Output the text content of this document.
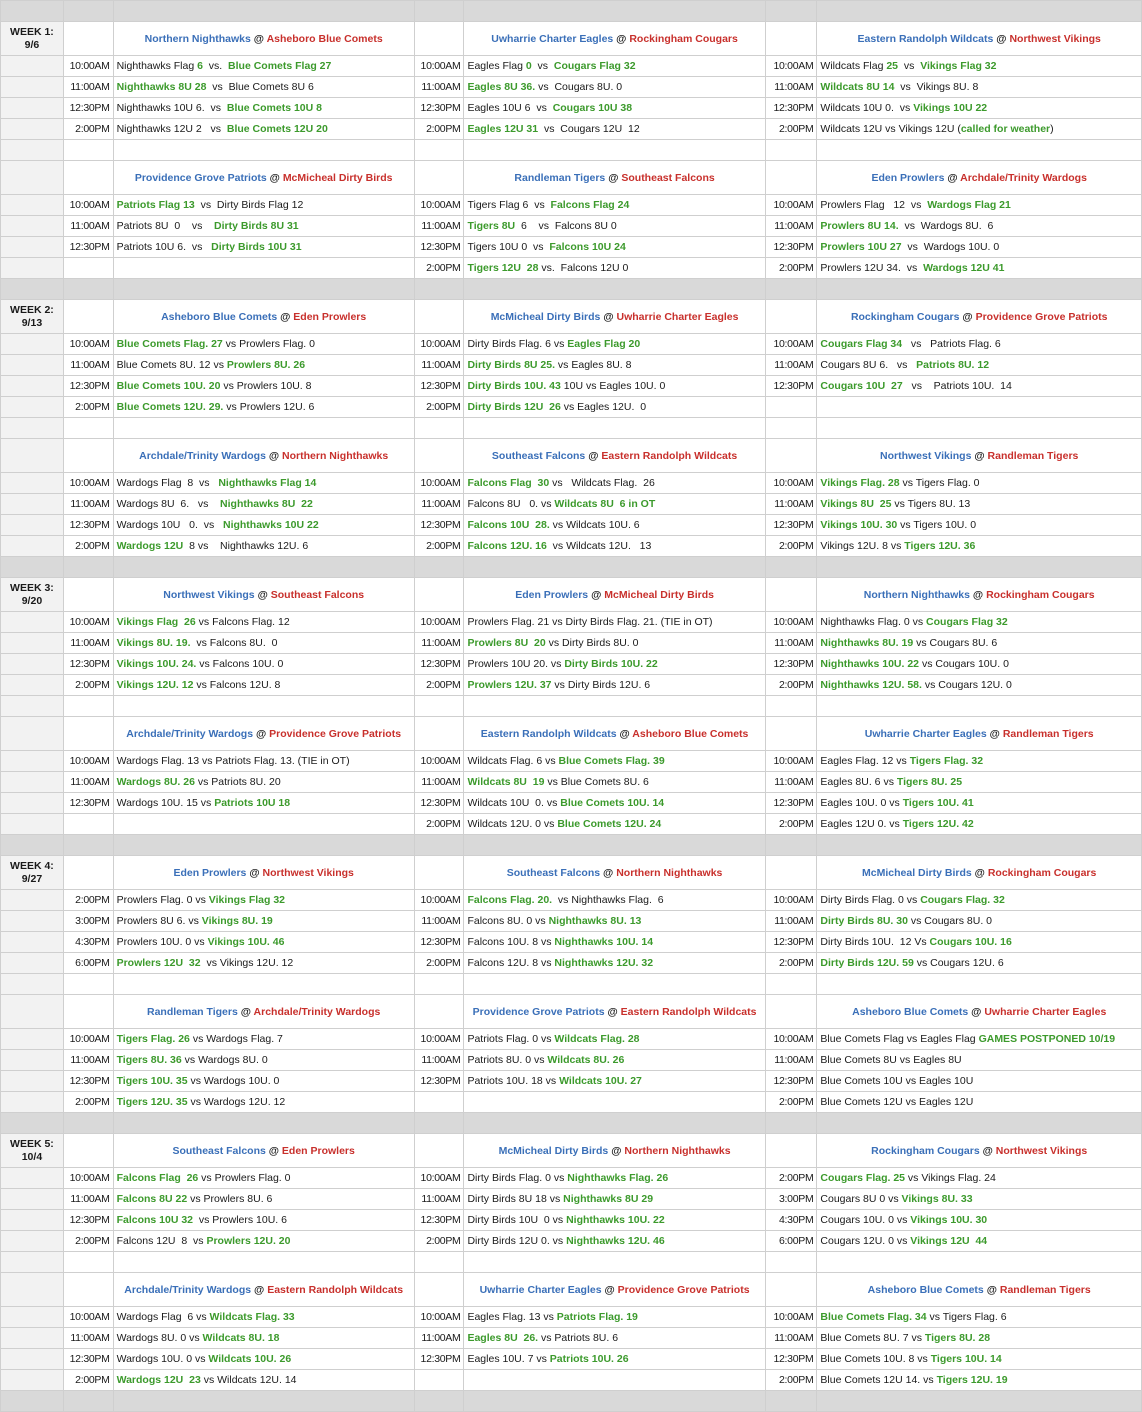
WEEK 1:
9/6		Northern Nighthawks @ Asheboro Blue Comets		Uwharrie Charter Eagles @ Rockingham Cougars		Eastern Randolph Wildcats @ Northwest Vikings
	10:00AM	Nighthawks Flag 6  vs.  Blue Comets Flag 27	10:00AM	Eagles Flag 0  vs  Cougars Flag 32	10:00AM	Wildcats Flag 25  vs  Vikings Flag 32
	11:00AM	Nighthawks 8U 28  vs  Blue Comets 8U 6	11:00AM	Eagles 8U 36. vs  Cougars 8U. 0	11:00AM	Wildcats 8U 14  vs  Vikings 8U. 8
	12:30PM	Nighthawks 10U 6.  vs  Blue Comets 10U 8	12:30PM	Eagles 10U 6  vs  Cougars 10U 38	12:30PM	Wildcats 10U 0.  vs Vikings 10U 22
	2:00PM	Nighthawks 12U 2   vs  Blue Comets 12U 20	2:00PM	Eagles 12U 31  vs  Cougars 12U  12	2:00PM	Wildcats 12U vs Vikings 12U (called for weather)

		Providence Grove Patriots @ McMicheal Dirty Birds		Randleman Tigers @ Southeast Falcons		Eden Prowlers @ Archdale/Trinity Wardogs
	10:00AM	Patriots Flag 13  vs  Dirty Birds Flag 12	10:00AM	Tigers Flag 6  vs  Falcons Flag 24	10:00AM	Prowlers Flag   12  vs  Wardogs Flag 21
	11:00AM	Patriots 8U  0    vs    Dirty Birds 8U 31	11:00AM	Tigers 8U  6    vs  Falcons 8U 0	11:00AM	Prowlers 8U 14.  vs  Wardogs 8U.  6
	12:30PM	Patriots 10U 6.  vs   Dirty Birds 10U 31	12:30PM	Tigers 10U 0  vs  Falcons 10U 24	12:30PM	Prowlers 10U 27  vs  Wardogs 10U. 0
			2:00PM	Tigers 12U  28 vs.  Falcons 12U 0	2:00PM	Prowlers 12U 34.  vs  Wardogs 12U 41

WEEK 2:
9/13		Asheboro Blue Comets @ Eden Prowlers		McMicheal Dirty Birds @ Uwharrie Charter Eagles		Rockingham Cougars @ Providence Grove Patriots
	10:00AM	Blue Comets Flag. 27 vs Prowlers Flag. 0	10:00AM	Dirty Birds Flag. 6 vs Eagles Flag 20	10:00AM	Cougars Flag 34   vs   Patriots Flag. 6
	11:00AM	Blue Comets 8U. 12 vs Prowlers 8U. 26	11:00AM	Dirty Birds 8U 25. vs Eagles 8U. 8	11:00AM	Cougars 8U 6.   vs   Patriots 8U. 12
	12:30PM	Blue Comets 10U. 20 vs Prowlers 10U. 8	12:30PM	Dirty Birds 10U. 43 10U vs Eagles 10U. 0	12:30PM	Cougars 10U  27   vs    Patriots 10U.  14
	2:00PM	Blue Comets 12U. 29. vs Prowlers 12U. 6	2:00PM	Dirty Birds 12U  26 vs Eagles 12U.  0		

		Archdale/Trinity Wardogs @ Northern Nighthawks		Southeast Falcons @ Eastern Randolph Wildcats		Northwest Vikings @ Randleman Tigers
	10:00AM	Wardogs Flag  8  vs   Nighthawks Flag 14	10:00AM	Falcons Flag  30 vs   Wildcats Flag.  26	10:00AM	Vikings Flag. 28 vs Tigers Flag. 0
	11:00AM	Wardogs 8U  6.   vs    Nighthawks 8U  22	11:00AM	Falcons 8U   0. vs Wildcats 8U  6 in OT	11:00AM	Vikings 8U  25 vs Tigers 8U. 13
	12:30PM	Wardogs 10U   0.  vs   Nighthawks 10U 22	12:30PM	Falcons 10U  28. vs Wildcats 10U. 6	12:30PM	Vikings 10U. 30 vs Tigers 10U. 0
	2:00PM	Wardogs 12U  8 vs    Nighthawks 12U. 6	2:00PM	Falcons 12U. 16  vs Wildcats 12U.   13	2:00PM	Vikings 12U. 8 vs Tigers 12U. 36

WEEK 3:
9/20		Northwest Vikings @ Southeast Falcons		Eden Prowlers @ McMicheal Dirty Birds		Northern Nighthawks @ Rockingham Cougars
	10:00AM	Vikings Flag  26 vs Falcons Flag. 12	10:00AM	Prowlers Flag. 21 vs Dirty Birds Flag. 21. (TIE in OT)	10:00AM	Nighthawks Flag. 0 vs Cougars Flag 32
	11:00AM	Vikings 8U. 19.  vs Falcons 8U.  0	11:00AM	Prowlers 8U  20 vs Dirty Birds 8U. 0	11:00AM	Nighthawks 8U. 19 vs Cougars 8U. 6
	12:30PM	Vikings 10U. 24. vs Falcons 10U. 0	12:30PM	Prowlers 10U 20. vs Dirty Birds 10U. 22	12:30PM	Nighthawks 10U. 22 vs Cougars 10U. 0
	2:00PM	Vikings 12U. 12 vs Falcons 12U. 8	2:00PM	Prowlers 12U. 37 vs Dirty Birds 12U. 6	2:00PM	Nighthawks 12U. 58. vs Cougars 12U. 0

		Archdale/Trinity Wardogs @ Providence Grove Patriots		Eastern Randolph Wildcats @ Asheboro Blue Comets		Uwharrie Charter Eagles @ Randleman Tigers
	10:00AM	Wardogs Flag. 13 vs Patriots Flag. 13. (TIE in OT)	10:00AM	Wildcats Flag. 6 vs Blue Comets Flag. 39	10:00AM	Eagles Flag. 12 vs Tigers Flag. 32
	11:00AM	Wardogs 8U. 26 vs Patriots 8U. 20	11:00AM	Wildcats 8U  19 vs Blue Comets 8U. 6	11:00AM	Eagles 8U. 6 vs Tigers 8U. 25
	12:30PM	Wardogs 10U. 15 vs Patriots 10U 18	12:30PM	Wildcats 10U  0. vs Blue Comets 10U. 14	12:30PM	Eagles 10U. 0 vs Tigers 10U. 41
			2:00PM	Wildcats 12U. 0 vs Blue Comets 12U. 24	2:00PM	Eagles 12U 0. vs Tigers 12U. 42

WEEK 4:
9/27		Eden Prowlers @ Northwest Vikings		Southeast Falcons @ Northern Nighthawks		McMicheal Dirty Birds @ Rockingham Cougars
	2:00PM	Prowlers Flag. 0 vs Vikings Flag 32	10:00AM	Falcons Flag. 20.  vs Nighthawks Flag.  6	10:00AM	Dirty Birds Flag. 0 vs Cougars Flag. 32
	3:00PM	Prowlers 8U 6. vs Vikings 8U. 19	11:00AM	Falcons 8U. 0 vs Nighthawks 8U. 13	11:00AM	Dirty Birds 8U. 30 vs Cougars 8U. 0
	4:30PM	Prowlers 10U. 0 vs Vikings 10U. 46	12:30PM	Falcons 10U. 8 vs Nighthawks 10U. 14	12:30PM	Dirty Birds 10U.  12 Vs Cougars 10U. 16
	6:00PM	Prowlers 12U  32  vs Vikings 12U. 12	2:00PM	Falcons 12U. 8 vs Nighthawks 12U. 32	2:00PM	Dirty Birds 12U. 59 vs Cougars 12U. 6

		Randleman Tigers @ Archdale/Trinity Wardogs		Providence Grove Patriots @ Eastern Randolph Wildcats		Asheboro Blue Comets @ Uwharrie Charter Eagles
	10:00AM	Tigers Flag. 26 vs Wardogs Flag. 7	10:00AM	Patriots Flag. 0 vs Wildcats Flag. 28	10:00AM	Blue Comets Flag vs Eagles Flag GAMES POSTPONED 10/19
	11:00AM	Tigers 8U. 36 vs Wardogs 8U. 0	11:00AM	Patriots 8U. 0 vs Wildcats 8U. 26	11:00AM	Blue Comets 8U vs Eagles 8U
	12:30PM	Tigers 10U. 35 vs Wardogs 10U. 0	12:30PM	Patriots 10U. 18 vs Wildcats 10U. 27	12:30PM	Blue Comets 10U vs Eagles 10U
	2:00PM	Tigers 12U. 35 vs Wardogs 12U. 12			2:00PM	Blue Comets 12U vs Eagles 12U

WEEK 5:
10/4		Southeast Falcons @ Eden Prowlers		McMicheal Dirty Birds @ Northern Nighthawks		Rockingham Cougars @ Northwest Vikings
	10:00AM	Falcons Flag  26 vs Prowlers Flag. 0	10:00AM	Dirty Birds Flag. 0 vs Nighthawks Flag. 26	2:00PM	Cougars Flag. 25 vs Vikings Flag. 24
	11:00AM	Falcons 8U 22 vs Prowlers 8U. 6	11:00AM	Dirty Birds 8U 18 vs Nighthawks 8U 29	3:00PM	Cougars 8U 0 vs Vikings 8U. 33
	12:30PM	Falcons 10U 32  vs Prowlers 10U. 6	12:30PM	Dirty Birds 10U  0 vs Nighthawks 10U. 22	4:30PM	Cougars 10U. 0 vs Vikings 10U. 30
	2:00PM	Falcons 12U  8  vs Prowlers 12U. 20	2:00PM	Dirty Birds 12U 0. vs Nighthawks 12U. 46	6:00PM	Cougars 12U. 0 vs Vikings 12U  44

		Archdale/Trinity Wardogs @ Eastern Randolph Wildcats		Uwharrie Charter Eagles @ Providence Grove Patriots		Asheboro Blue Comets @ Randleman Tigers
	10:00AM	Wardogs Flag  6 vs Wildcats Flag. 33	10:00AM	Eagles Flag. 13 vs Patriots Flag. 19	10:00AM	Blue Comets Flag. 34 vs Tigers Flag. 6
	11:00AM	Wardogs 8U. 0 vs Wildcats 8U. 18	11:00AM	Eagles 8U  26. vs Patriots 8U. 6	11:00AM	Blue Comets 8U. 7 vs Tigers 8U. 28
	12:30PM	Wardogs 10U. 0 vs Wildcats 10U. 26	12:30PM	Eagles 10U. 7 vs Patriots 10U. 26	12:30PM	Blue Comets 10U. 8 vs Tigers 10U. 14
	2:00PM	Wardogs 12U  23 vs Wildcats 12U. 14			2:00PM	Blue Comets 12U 14. vs Tigers 12U. 19
